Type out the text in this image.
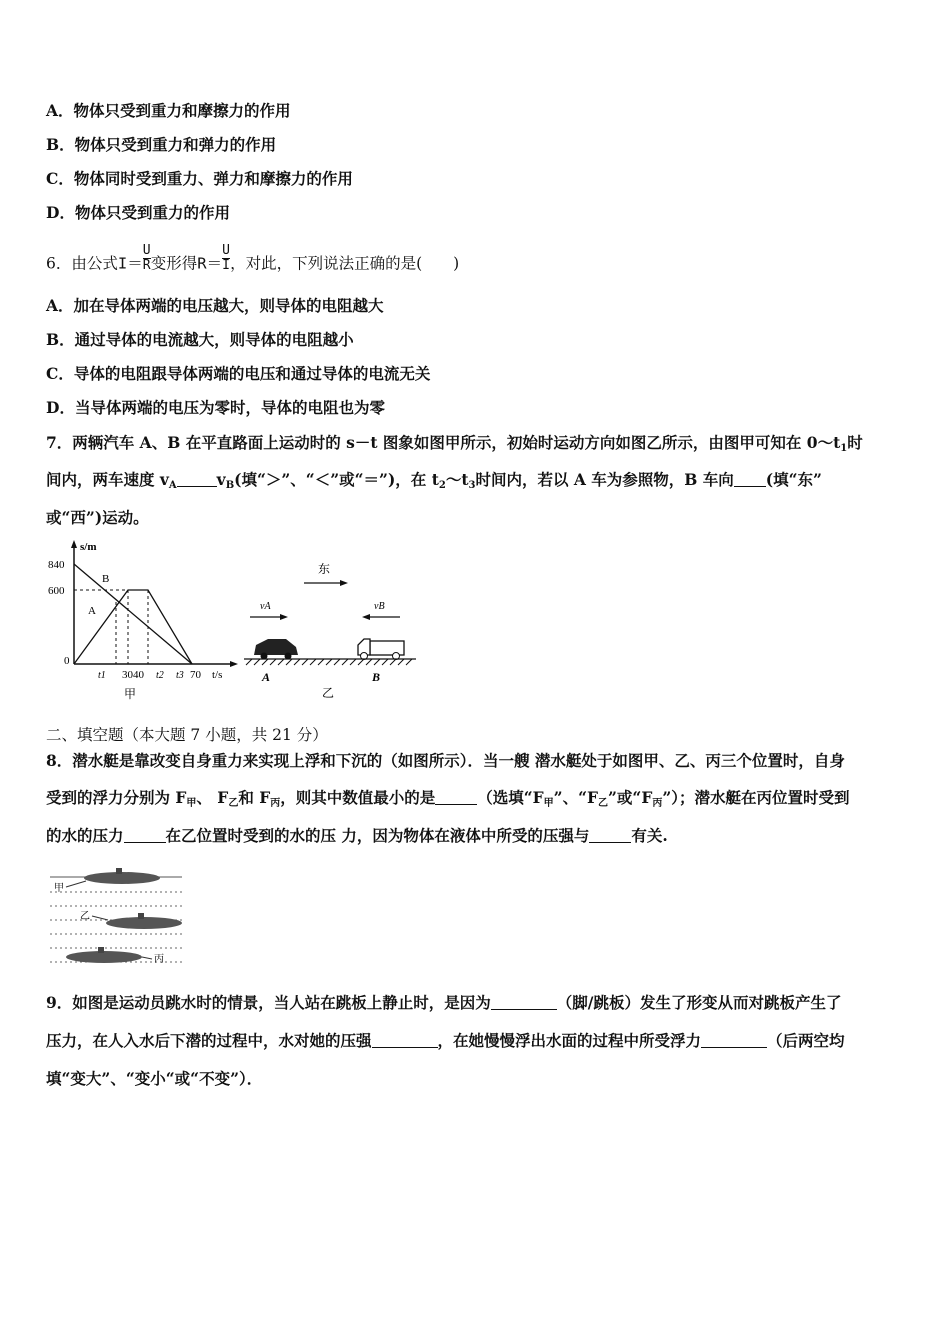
A．物体只受到重力和摩擦力的作用
B．物体只受到重力和弹力的作用
C．物体同时受到重力、弹力和摩擦力的作用
D．物体只受到重力的作用
6．由公式$I= \frac{U}{R}$ 变形得$R= \frac{U}{I}$ ，对此，下列说法正确的是(　　)
A．加在导体两端的电压越大，则导体的电阻越大
B．通过导体的电流越大，则导体的电阻越小
C．导体的电阻跟导体两端的电压和通过导体的电流无关
D．当导体两端的电压为零时，导体的电阻也为零
7．两辆汽车 A、B 在平直路面上运动时的 s－t 图象如图甲所示，初始时运动方向如图乙所示，由图甲可知在 $0\sim t_1$时
间内，两车速度 $v_A$	$v_B$(填“＞”、“＜”或“＝”)，在 $t_2\sim t_3$时间内，若以 A 车为参照物，B 车向 (填“东”
或“西”)运动。
s/m
840
600
0
B
A
t1 3040 t2 t3 70 t/s
甲
东
vA	vB
A	B
乙
二、填空题（本大题 7 小题，共 21 分）
8．潜水艇是靠改变自身重力来实现上浮和下沉的（如图所示）．当一艘 潜水艇处于如图甲、乙、丙三个位置时，自身
受到的浮力分别为 $F_甲$、 $F_乙$和 $F_丙$，则其中数值最小的是	（选填“$F_甲$”、“$F_乙$”或“$F_丙$”）；潜水艇在丙位置时受到
的水的压力	在乙位置时受到的水的压 力，因为物体在液体中所受的压强与	有关.
甲
乙
丙
9．如图是运动员跳水时的情景，当人站在跳板上静止时，是因为	（脚/跳板）发生了形变从而对跳板产生了
压力，在人入水后下潜的过程中，水对她的压强	，在她慢慢浮出水面的过程中所受浮力	（后两空均
填“变大”、“变小“或“不变”）．
